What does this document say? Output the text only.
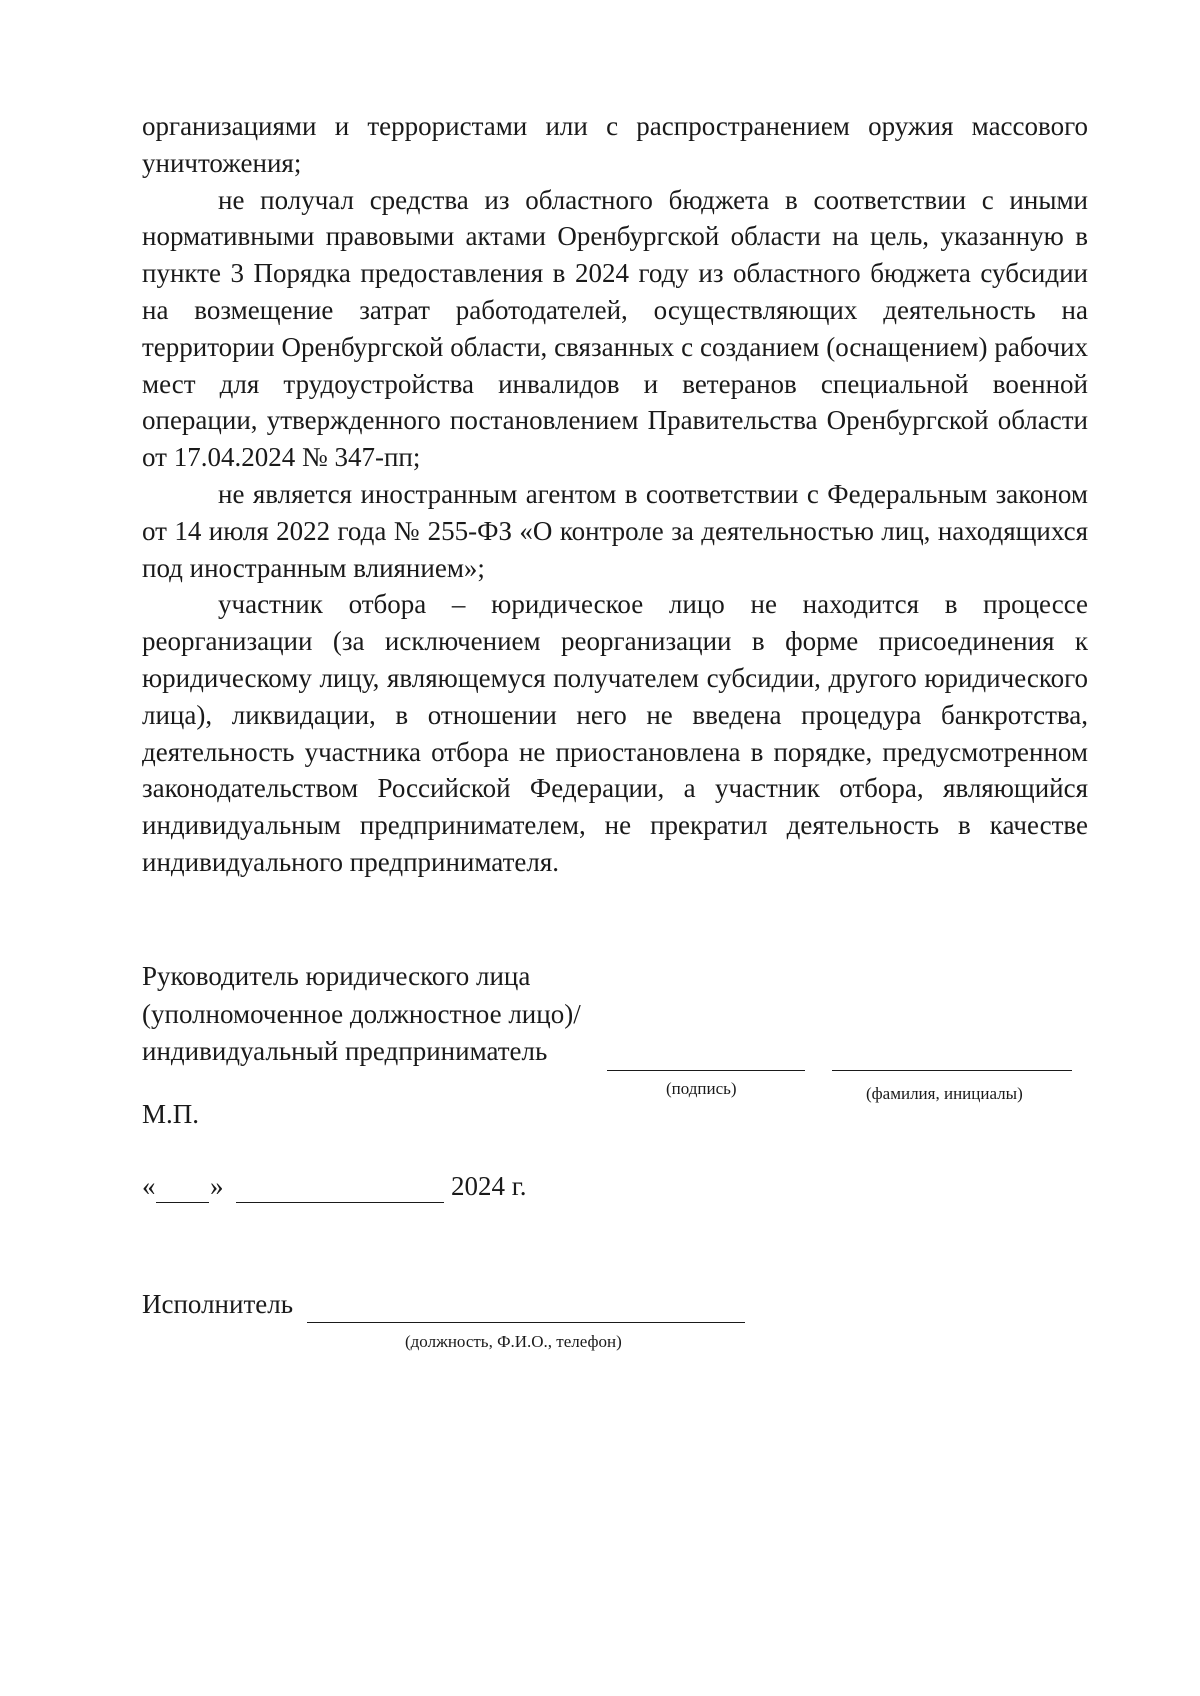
организациями и террористами или с распространением оружия массового уничтожения;

не получал средства из областного бюджета в соответствии с иными нормативными правовыми актами Оренбургской области на цель, указанную в пункте 3 Порядка предоставления в 2024 году из областного бюджета субсидии на возмещение затрат работодателей, осуществляющих деятельность на территории Оренбургской области, связанных с созданием (оснащением) рабочих мест для трудоустройства инвалидов и ветеранов специальной военной операции, утвержденного постановлением Правительства Оренбургской области от 17.04.2024 № 347-пп;

не является иностранным агентом в соответствии с Федеральным законом от 14 июля 2022 года № 255-ФЗ «О контроле за деятельностью лиц, находящихся под иностранным влиянием»;

участник отбора – юридическое лицо не находится в процессе реорганизации (за исключением реорганизации в форме присоединения к юридическому лицу, являющемуся получателем субсидии, другого юридического лица), ликвидации, в отношении него не введена процедура банкротства, деятельность участника отбора не приостановлена в порядке, предусмотренном законодательством Российской Федерации, а участник отбора, являющийся индивидуальным предпринимателем, не прекратил деятельность в качестве индивидуального предпринимателя.

Руководитель юридического лица
(уполномоченное должностное лицо)/
индивидуальный предприниматель
(подпись)	(фамилия, инициалы)
М.П.
« »	2024 г.
Исполнитель
(должность, Ф.И.О., телефон)
